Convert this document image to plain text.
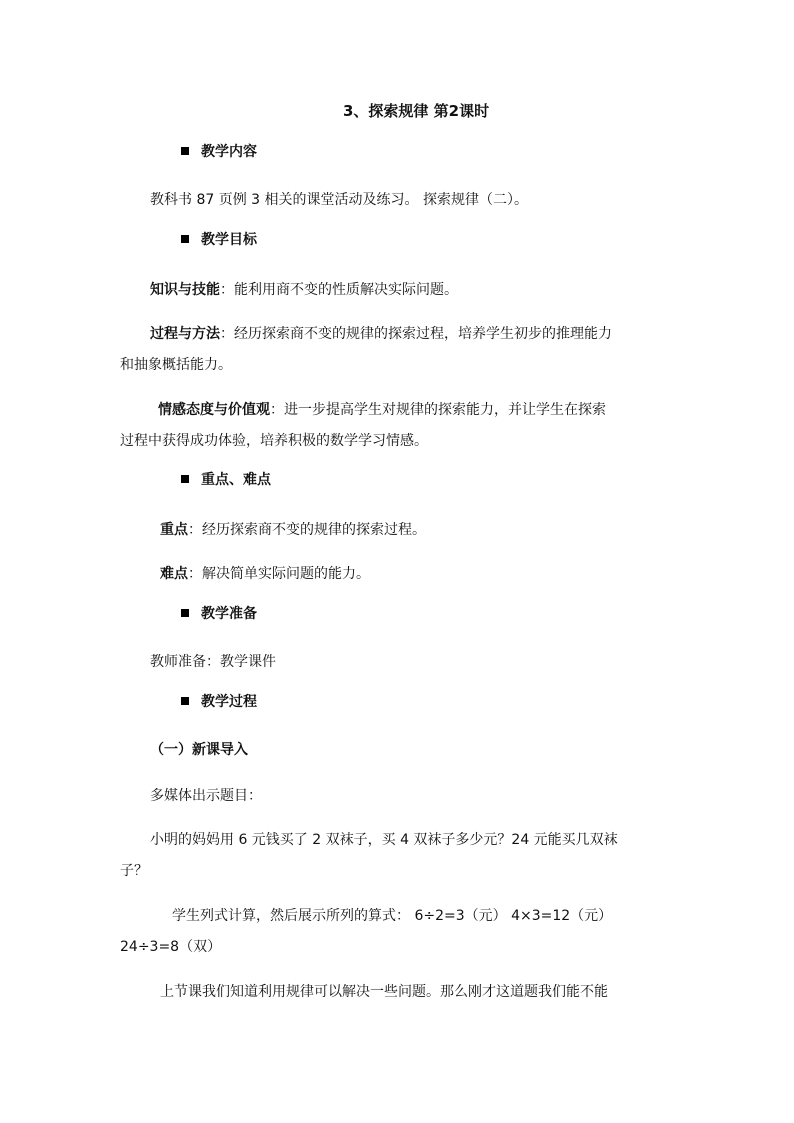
3、探索规律 第2课时
教学内容
教科书 87 页例 3 相关的课堂活动及练习。 探索规律（二）。
教学目标
知识与技能：能利用商不变的性质解决实际问题。
过程与方法：经历探索商不变的规律的探索过程，培养学生初步的推理能力
和抽象概括能力。
情感态度与价值观：进一步提高学生对规律的探索能力，并让学生在探索
过程中获得成功体验，培养积极的数学学习情感。
重点、难点
重点：经历探索商不变的规律的探索过程。
难点：解决简单实际问题的能力。
教学准备
教师准备：教学课件
教学过程
（一）新课导入
多媒体出示题目：
小明的妈妈用 6 元钱买了 2 双袜子，买 4 双袜子多少元？24 元能买几双袜
子？
学生列式计算，然后展示所列的算式： 6÷2=3（元） 4×3=12（元）
24÷3=8（双）
上节课我们知道利用规律可以解决一些问题。那么刚才这道题我们能不能
